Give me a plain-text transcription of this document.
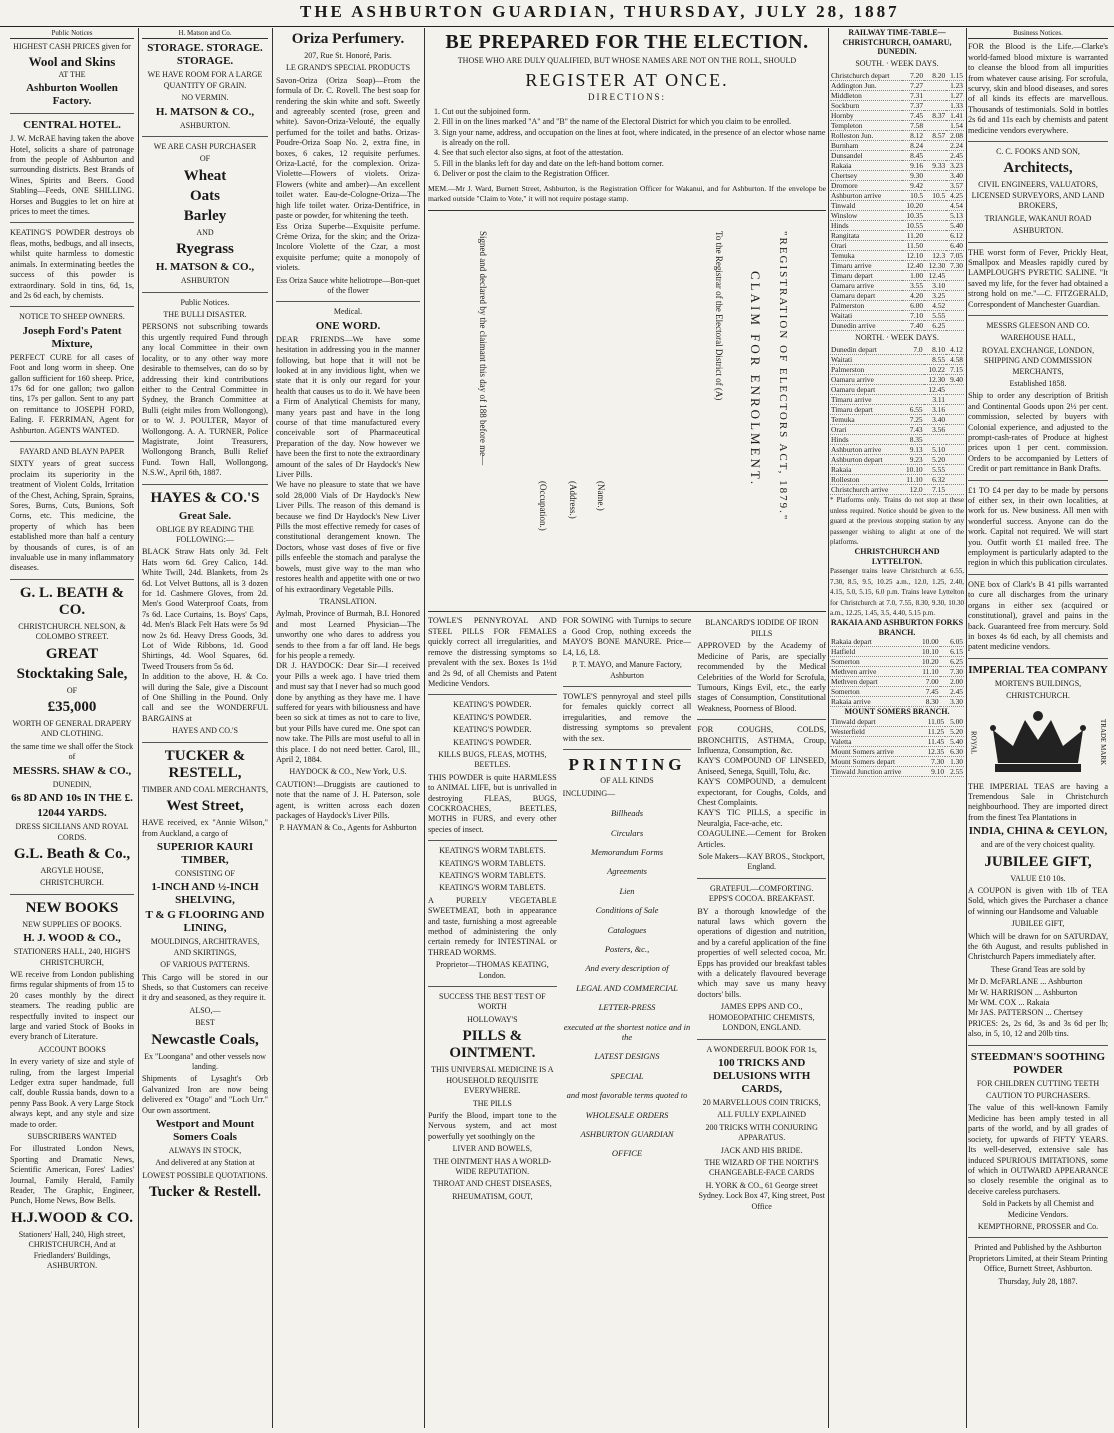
THE ASHBURTON GUARDIAN, THURSDAY, JULY 28, 1887
Public Notices
HIGHEST CASH PRICES given for
Wool and Skins
AT THE
Ashburton Woollen Factory.
CENTRAL HOTEL.
J. W. McRAE having taken the above Hotel, solicits a share of patronage from the people of Ashburton and surrounding districts. Best Brands of Wines, Spirits and Beers. Good Stabling—Feeds, ONE SHILLING. Horses and Buggies to let on hire at prices to meet the times.
KEATING'S POWDER destroys ob fleas, moths, bedbugs, and all insects, whilst quite harmless to domestic animals. In exterminating beetles the success of this powder is extraordinary. Sold in tins, 6d, 1s, and 2s 6d each, by chemists.
NOTICE TO SHEEP OWNERS.
Joseph Ford's Patent Mixture,
PERFECT CURE for all cases of Foot and long worm in sheep. One gallon sufficient for 160 sheep. Price, 17s 6d for one gallon; two gallon tins, 17s per gallon. Sent to any part on remittance to JOSEPH FORD, Ealing. F. FERRIMAN, Agent for Ashburton. AGENTS WANTED.
FAYARD AND BLAYN PAPER
SIXTY years of great success proclaim its superiority in the treatment of Violent Colds, Irritation of the Chest, Aching, Sprain, Sprains, Sores, Burns, Cuts, Bunions, Soft Corns, etc. This medicine, the property of which has been established more than half a century by thousands of cures, is of an invaluable use in many inflammatory diseases.
G. L. BEATH & CO.
CHRISTCHURCH. NELSON, & COLOMBO STREET.
GREAT
Stocktaking Sale,
OF
£35,000
WORTH OF GENERAL DRAPERY AND CLOTHING.
the same time we shall offer the Stock of
MESSRS. SHAW & CO.,
DUNEDIN,
6s 8D AND 10s IN THE £.
12044 YARDS.
DRESS SICILIANS AND ROYAL CORDS.
G.L. Beath & Co.,
ARGYLE HOUSE,
CHRISTCHURCH.
NEW BOOKS
NEW SUPPLIES OF BOOKS.
H. J. WOOD & CO.,
STATIONERS HALL, 240, HIGH'S CHRISTCHURCH,
WE receive from London publishing firms regular shipments of from 15 to 20 cases monthly by the direct steamers. The reading public are respectfully invited to inspect our large and varied Stock of Books in every branch of Literature.
ACCOUNT BOOKS
In every variety of size and style of ruling, from the largest Imperial Ledger extra super handmade, full calf, double Russia bands, down to a penny Pass Book. A very Large Stock always kept, and any style and size made to order.
SUBSCRIBERS WANTED
For illustrated London News, Sporting and Dramatic News, Scientific American, Fores' Ladies' Journal, Family Herald, Family Reader, The Graphic, Engineer, Punch, Home News, Bow Bells.
H.J.WOOD & CO.
Stationers' Hall, 240, High street, CHRISTCHURCH, And at Friedlanders' Buildings, ASHBURTON.
H. Matson and Co.
STORAGE. STORAGE. STORAGE.
WE HAVE ROOM FOR A LARGE QUANTITY OF GRAIN.
NO VERMIN.
H. MATSON & CO.,
ASHBURTON.
WE ARE CASH PURCHASER
OF
Wheat
Oats
Barley
AND
Ryegrass
H. MATSON & CO.,
ASHBURTON
Public Notices.
THE BULLI DISASTER.
PERSONS not subscribing towards this urgently required Fund through any local Committee in their own locality, or to any other way more desirable to themselves, can do so by addressing their kind contributions either to the Central Committee in Sydney, the Branch Committee at Bulli (eight miles from Wollongong), or to W. J. POULTER, Mayor of Wollongong. A. A. TURNER, Police Magistrate, Joint Treasurers, Wollongong Branch, Bulli Relief Fund. Town Hall, Wollongong, N.S.W., April 6th, 1887.
HAYES & CO.'S
Great Sale.
OBLIGE BY READING THE FOLLOWING:—
BLACK Straw Hats only 3d. Felt Hats worn 6d. Grey Calico, 14d. White Twill, 24d. Blankets, from 2s 6d. Lot Velvet Buttons, all is 3 dozen for 1d. Cashmere Gloves, from 2d. Men's Good Waterproof Coats, from 7s 6d. Lace Curtains, 1s. Boys' Caps, 4d. Men's Black Felt Hats were 5s 9d now 2s 6d. Heavy Dress Goods, 3d. Lot of Wide Ribbons, 1d. Good Shirtings, 4d. Wool Squares, 6d. Tweed Trousers from 5s 6d.
In addition to the above, H. & Co. will during the Sale, give a Discount of One Shilling in the Pound. Only call and see the WONDERFUL BARGAINS at
HAYES AND CO.'S
TUCKER & RESTELL,
TIMBER AND COAL MERCHANTS,
West Street,
HAVE received, ex "Annie Wilson," from Auckland, a cargo of
SUPERIOR KAURI TIMBER,
CONSISTING OF
1-INCH AND ½-INCH SHELVING,
T & G FLOORING AND LINING,
MOULDINGS, ARCHITRAVES, AND SKIRTINGS,
OF VARIOUS PATTERNS.
This Cargo will be stored in our Sheds, so that Customers can receive it dry and seasoned, as they require it.
ALSO,—
BEST
Newcastle Coals,
Ex "Loongana" and other vessels now landing.
Shipments of Lysaght's Orb Galvanized Iron are now being delivered ex "Otago" and "Loch Urr." Our own assortment.
Westport and Mount Somers Coals
ALWAYS IN STOCK,
And delivered at any Station at
LOWEST POSSIBLE QUOTATIONS.
Tucker & Restell.
Oriza Perfumery.
207, Rue St. Honoré, Paris.
LE GRAND'S SPECIAL PRODUCTS
Savon-Oriza (Oriza Soap)—From the formula of Dr. C. Rovell. The best soap for rendering the skin white and soft. Sweetly and agreeably scented (rose, green and white). Savon-Oriza-Velouté, the equally perfumed for the toilet and baths. Orizas-Poudre-Oriza Soap No. 2, extra fine, in boxes, 6 cakes, 12 requisite perfumes. Oriza-Lacté, for the complexion. Oriza-Violette—Flowers of violets. Oriza-Flowers (white and amber)—An excellent toilet water. Eau-de-Cologne-Oriza—The high life toilet water. Oriza-Dentifrice, in paste or powder, for whitening the teeth.
Ess Oriza Superbe—Exquisite perfume. Crème Oriza, for the skin; and the Oriza-Incolore Violette of the Czar, a most exquisite perfume; quite a monopoly of violets.
Ess Oriza Sauce white heliotrope—Bon-quet of the flower
Medical.
ONE WORD.
DEAR FRIENDS—We have some hesitation in addressing you in the manner following, but hope that it will not be looked at in any invidious light, when we state that it is only our regard for your health that causes us to do it. We have been a Firm of Analytical Chemists for many, many years past and have in the long course of that time manufactured every conceivable sort of Pharmaceutical Preparation of the day. Now however we have been the first to note the extraordinary amount of the sales of Dr Haydock's New Liver Pills.
We have no pleasure to state that we have sold 28,000 Vials of Dr Haydock's New Liver Pills. The reason of this demand is because we find Dr Haydock's New Liver Pills the most effective remedy for cases of constitutional derangement known. The Doctors, whose vast doses of five or five pills enfeeble the stomach and paralyse the bowels, must give way to the man who restores health and appetite with one or two of his extraordinary Vegetable Pills.
TRANSLATION.
Aylmah, Province of Burmah, B.I. Honored and most Learned Physician—The unworthy one who dares to address you sends to thee from a far off land. He begs for his people a remedy.
DR J. HAYDOCK: Dear Sir—I received your Pills a week ago. I have tried them and must say that I never had so much good done by anything as they have me. I have suffered for years with biliousness and have been so sick at times as not to care to live, but your Pills have cured me. One spot can now take. The Pills are most useful to all in this place. I do not need better. Carol, Ill., April 2, 1884.
HAYDOCK & CO., New York, U.S.
CAUTION!—Druggists are cautioned to note that the name of J. H. Paterson, sole agent, is written across each dozen packages of Haydock's Liver Pills.
P. HAYMAN & Co., Agents for Ashburton
BE PREPARED FOR THE ELECTION.
THOSE WHO ARE DULY QUALIFIED, BUT WHOSE NAMES ARE NOT ON THE ROLL, SHOULD
REGISTER AT ONCE.
DIRECTIONS:
1. Cut out the subjoined form.
2. Fill in on the lines marked "A" and "B" the name of the Electoral District for which you claim to be enrolled.
3. Sign your name, address, and occupation on the lines at foot, where indicated, in the presence of an elector whose name is already on the roll.
4. See that such elector also signs, at foot of the attestation.
5. Fill in the blanks left for day and date on the left-hand bottom corner.
6. Deliver or post the claim to the Registration Officer.
MEM.—Mr J. Ward, Burnett Street, Ashburton, is the Registration Officer for Wakanui, and for Ashburton. If the envelope be marked outside "Claim to Vote," it will not require postage stamp.
"REGISTRATION OF ELECTORS ACT, 1879."
CLAIM FOR ENROLMENT.
To the Registrar of the Electoral District of (A)
(Name.)
(Address.)
(Occupation.)
Signed and declared by the claimant this day of 188 before me—
TOWLE'S PENNYROYAL AND STEEL PILLS FOR FEMALES quickly correct all irregularities, and remove the distressing symptoms so prevalent with the sex. Boxes 1s 1½d and 2s 9d, of all Chemists and Patent Medicine Vendors.
KEATING'S POWDER.
KEATING'S POWDER.
KEATING'S POWDER.
KEATING'S POWDER.
KILLS BUGS, FLEAS, MOTHS, BEETLES.
THIS POWDER is quite HARMLESS to ANIMAL LIFE, but is unrivalled in destroying FLEAS, BUGS, COCKROACHES, BEETLES, MOTHS in FURS, and every other species of insect.
KEATING'S WORM TABLETS.
KEATING'S WORM TABLETS.
KEATING'S WORM TABLETS.
KEATING'S WORM TABLETS.
A PURELY VEGETABLE SWEETMEAT, both in appearance and taste, furnishing a most agreeable method of administering the only certain remedy for INTESTINAL or THREAD WORMS.
Proprietor—THOMAS KEATING, London.
SUCCESS THE BEST TEST OF WORTH
HOLLOWAY'S
PILLS & OINTMENT.
THIS UNIVERSAL MEDICINE IS A HOUSEHOLD REQUISITE EVERYWHERE.
THE PILLS
Purify the Blood, impart tone to the Nervous system, and act most powerfully yet soothingly on the
LIVER AND BOWELS,
THE OINTMENT HAS A WORLD-WIDE REPUTATION.
THROAT AND CHEST DISEASES,
RHEUMATISM, GOUT,
FOR SOWING with Turnips to secure a Good Crop, nothing exceeds the MAYO'S BONE MANURE. Price—L4, L6, L8.
P. T. MAYO, and Manure Factory, Ashburton
TOWLE'S pennyroyal and steel pills for females quickly correct all irregularities, and remove the distressing symptoms so prevalent with the sex.
PRINTING
OF ALL KINDS
INCLUDING—
Billheads
Circulars
Memorandum Forms
Agreements
Lien
Conditions of Sale
Catalogues
Posters, &c.,
And every description of
LEGAL AND COMMERCIAL
LETTER-PRESS
executed at the shortest notice and in the
LATEST DESIGNS
SPECIAL
and most favorable terms quoted to
WHOLESALE ORDERS
ASHBURTON GUARDIAN
OFFICE
BLANCARD'S IODIDE OF IRON PILLS
APPROVED by the Academy of Medicine of Paris, are specially recommended by the Medical Celebrities of the World for Scrofula, Tumours, Kings Evil, etc., the early stages of Consumption, Constitutional Weakness, Poorness of Blood.
FOR COUGHS, COLDS, BRONCHITIS, ASTHMA, Croup, Influenza, Consumption, &c.
KAY'S COMPOUND OF LINSEED, Aniseed, Senega, Squill, Tolu, &c.
KAY'S COMPOUND, a demulcent expectorant, for Coughs, Colds, and Chest Complaints.
KAY'S TIC PILLS, a specific in Neuralgia, Face-ache, etc.
COAGULINE.—Cement for Broken Articles.
Sole Makers—KAY BROS., Stockport, England.
GRATEFUL—COMFORTING. EPPS'S COCOA. BREAKFAST.
BY a thorough knowledge of the natural laws which govern the operations of digestion and nutrition, and by a careful application of the fine properties of well selected cocoa, Mr. Epps has provided our breakfast tables with a delicately flavoured beverage which may save us many heavy doctors' bills.
JAMES EPPS AND CO., HOMOEOPATHIC CHEMISTS, LONDON, ENGLAND.
A WONDERFUL BOOK FOR 1s,
100 TRICKS AND DELUSIONS WITH CARDS,
20 MARVELLOUS COIN TRICKS,
ALL FULLY EXPLAINED
200 TRICKS WITH CONJURING APPARATUS.
JACK AND HIS BRIDE.
THE WIZARD OF THE NORTH'S CHANGEABLE-FACE CARDS
H. YORK & CO., 61 George street Sydney. Lock Box 47, King street, Post Office
RAILWAY TIME-TABLE—CHRISTCHURCH, OAMARU, DUNEDIN.
SOUTH. · WEEK DAYS.
Christchurch depart	7.20	8.20	1.15
Addington Jun.	7.27		1.23
Middleton	7.31		1.27
Sockburn	7.37		1.33
Hornby	7.45	8.37	1.41
Templeton	7.58		1.54
Rolleston Jun.	8.12	8.57	2.08
Burnham	8.24		2.24
Dunsandel	8.45		2.45
Rakaia	9.16	9.33	3.23
Chertsey	9.30		3.40
Dromore	9.42		3.57
Ashburton arrive	10.5	10.5	4.25
Tinwald	10.20		4.54
Winslow	10.35		5.13
Hinds	10.55		5.40
Rangitata	11.20		6.12
Orari	11.50		6.40
Temuka	12.10	12.3	7.05
Timaru arrive	12.40	12.30	7.30
Timaru depart	1.00	12.45	
Oamaru arrive	3.55	3.10	
Oamaru depart	4.20	3.25	
Palmerston	6.00	4.52	
Waitati	7.10	5.55	
Dunedin arrive	7.40	6.25	
NORTH. · WEEK DAYS.
Dunedin depart	7.0	8.10	4.12
Waitati		8.55	4.58
Palmerston		10.22	7.15
Oamaru arrive		12.30	9.40
Oamaru depart		12.45	
Timaru arrive		3.11	
Timaru depart	6.55	3.16	
Temuka	7.25	3.40	
Orari	7.43	3.56	
Hinds	8.35		
Ashburton arrive	9.13	5.10	
Ashburton depart	9.23	5.20	
Rakaia	10.10	5.55	
Rolleston	11.10	6.32	
Christchurch arrive	12.0	7.15	
* Platforms only. Trains do not stop at these unless required. Notice should be given to the guard at the previous stopping station by any passenger wishing to alight at one of the platforms.
CHRISTCHURCH AND LYTTELTON.
Passenger trains leave Christchurch at 6.55, 7.30, 8.5, 9.5, 10.25 a.m., 12.0, 1.25, 2.40, 4.15, 5.0, 5.15, 6.0 p.m. Trains leave Lyttelton for Christchurch at 7.0, 7.55, 8.30, 9.30, 10.30 a.m., 12.25, 1.45, 3.5, 4.40, 5.15 p.m.
RAKAIA AND ASHBURTON FORKS BRANCH.
Rakaia depart	10.00	6.05
Hatfield	10.10	6.15
Somerton	10.20	6.25
Methven arrive	11.10	7.30
Methven depart	7.00	2.00
Somerton	7.45	2.45
Rakaia arrive	8.30	3.30
MOUNT SOMERS BRANCH.
Tinwald depart	11.05	5.00
Westerfield	11.25	5.20
Valetta	11.45	5.40
Mount Somers arrive	12.35	6.30
Mount Somers depart	7.30	1.30
Tinwald Junction arrive	9.10	2.55
Business Notices.
FOR the Blood is the Life.—Clarke's world-famed blood mixture is warranted to cleanse the blood from all impurities from whatever cause arising. For scrofula, scurvy, skin and blood diseases, and sores of all kinds its effects are marvellous. Thousands of testimonials. Sold in bottles 2s 6d and 11s each by chemists and patent medicine vendors everywhere.
C. C. FOOKS AND SON,
Architects,
CIVIL ENGINEERS, VALUATORS, LICENSED SURVEYORS, AND LAND BROKERS,
TRIANGLE, WAKANUI ROAD
ASHBURTON.
THE worst form of Fever, Prickly Heat, Smallpox and Measles rapidly cured by LAMPLOUGH'S PYRETIC SALINE. "It saved my life, for the fever had obtained a strong hold on me."—C. FITZGERALD, Correspondent of Manchester Guardian.
MESSRS GLEESON AND CO.
WAREHOUSE HALL,
ROYAL EXCHANGE, LONDON, SHIPPING AND COMMISSION MERCHANTS,
Established 1858.
Ship to order any description of British and Continental Goods upon 2½ per cent. commission, selected by buyers with Colonial experience, and adjusted to the prompt-cash-rates of Produce at highest prices upon 1 per cent. commission. Orders to be accompanied by Letters of Credit or part remittance in Bank Drafts.
£1 TO £4 per day to be made by persons of either sex, in their own localities, at work for us. New business. All men with wonderful success. Anyone can do the work. Capital not required. We will start you. Outfit worth £1 mailed free. The employment is particularly adapted to the region in which this publication circulates.
ONE box of Clark's B 41 pills warranted to cure all discharges from the urinary organs in either sex (acquired or constitutional), gravel and pains in the back. Guaranteed free from mercury. Sold in boxes 4s 6d each, by all chemists and patent medicine vendors.
IMPERIAL TEA COMPANY
MORTEN'S BUILDINGS,
CHRISTCHURCH.
ROYAL	TRADE MARK
THE IMPERIAL TEAS are having a Tremendous Sale in Christchurch neighbourhood. They are imported direct from the finest Tea Plantations in
INDIA, CHINA & CEYLON,
and are of the very choicest quality.
JUBILEE GIFT,
VALUE £10 10s.
A COUPON is given with 1lb of TEA Sold, which gives the Purchaser a chance of winning our Handsome and Valuable
JUBILEE GIFT,
Which will be drawn for on SATURDAY, the 6th August, and results published in Christchurch Papers immediately after.
These Grand Teas are sold by
Mr D. McFARLANE ... Ashburton
Mr W. HARRISON ... Ashburton
Mr WM. COX ... Rakaia
Mr JAS. PATTERSON ... Chertsey
PRICES: 2s, 2s 6d, 3s and 3s 6d per lb; also, in 5, 10, 12 and 20lb tins.
STEEDMAN'S SOOTHING POWDER
FOR CHILDREN CUTTING TEETH
CAUTION TO PURCHASERS.
The value of this well-known Family Medicine has been amply tested in all parts of the world, and by all grades of society, for upwards of FIFTY YEARS. Its well-deserved, extensive sale has induced SPURIOUS IMITATIONS, some of which in OUTWARD APPEARANCE so closely resemble the original as to deceive careless purchasers.
Sold in Packets by all Chemist and Medicine Vendors.
KEMPTHORNE, PROSSER and Co.
Printed and Published by the Ashburton Proprietors Limited, at their Steam Printing Office, Burnett Street, Ashburton.
Thursday, July 28, 1887.
